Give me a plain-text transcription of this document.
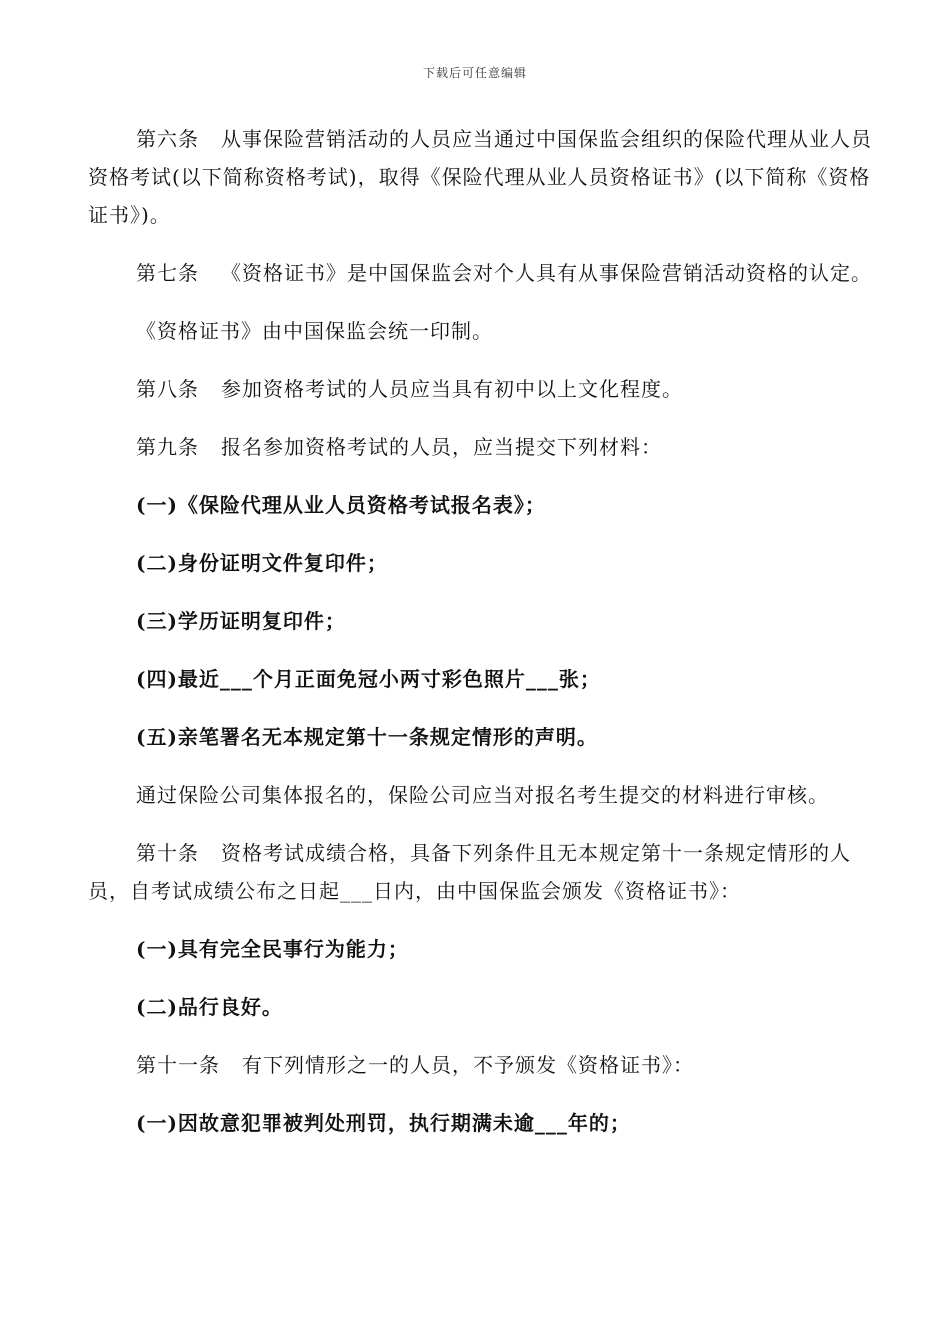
下载后可任意编辑

第六条 从事保险营销活动的人员应当通过中国保监会组织的保险代理从业人员资格考试(以下简称资格考试)，取得《保险代理从业人员资格证书》(以下简称《资格证书》)。

第七条 《资格证书》是中国保监会对个人具有从事保险营销活动资格的认定。

《资格证书》由中国保监会统一印制。

第八条 参加资格考试的人员应当具有初中以上文化程度。

第九条 报名参加资格考试的人员，应当提交下列材料：

(一)《保险代理从业人员资格考试报名表》；

(二)身份证明文件复印件；

(三)学历证明复印件；

(四)最近___个月正面免冠小两寸彩色照片___张；

(五)亲笔署名无本规定第十一条规定情形的声明。

通过保险公司集体报名的，保险公司应当对报名考生提交的材料进行审核。

第十条 资格考试成绩合格，具备下列条件且无本规定第十一条规定情形的人员，自考试成绩公布之日起___日内，由中国保监会颁发《资格证书》：

(一)具有完全民事行为能力；

(二)品行良好。

第十一条 有下列情形之一的人员，不予颁发《资格证书》：

(一)因故意犯罪被判处刑罚，执行期满未逾___年的；
